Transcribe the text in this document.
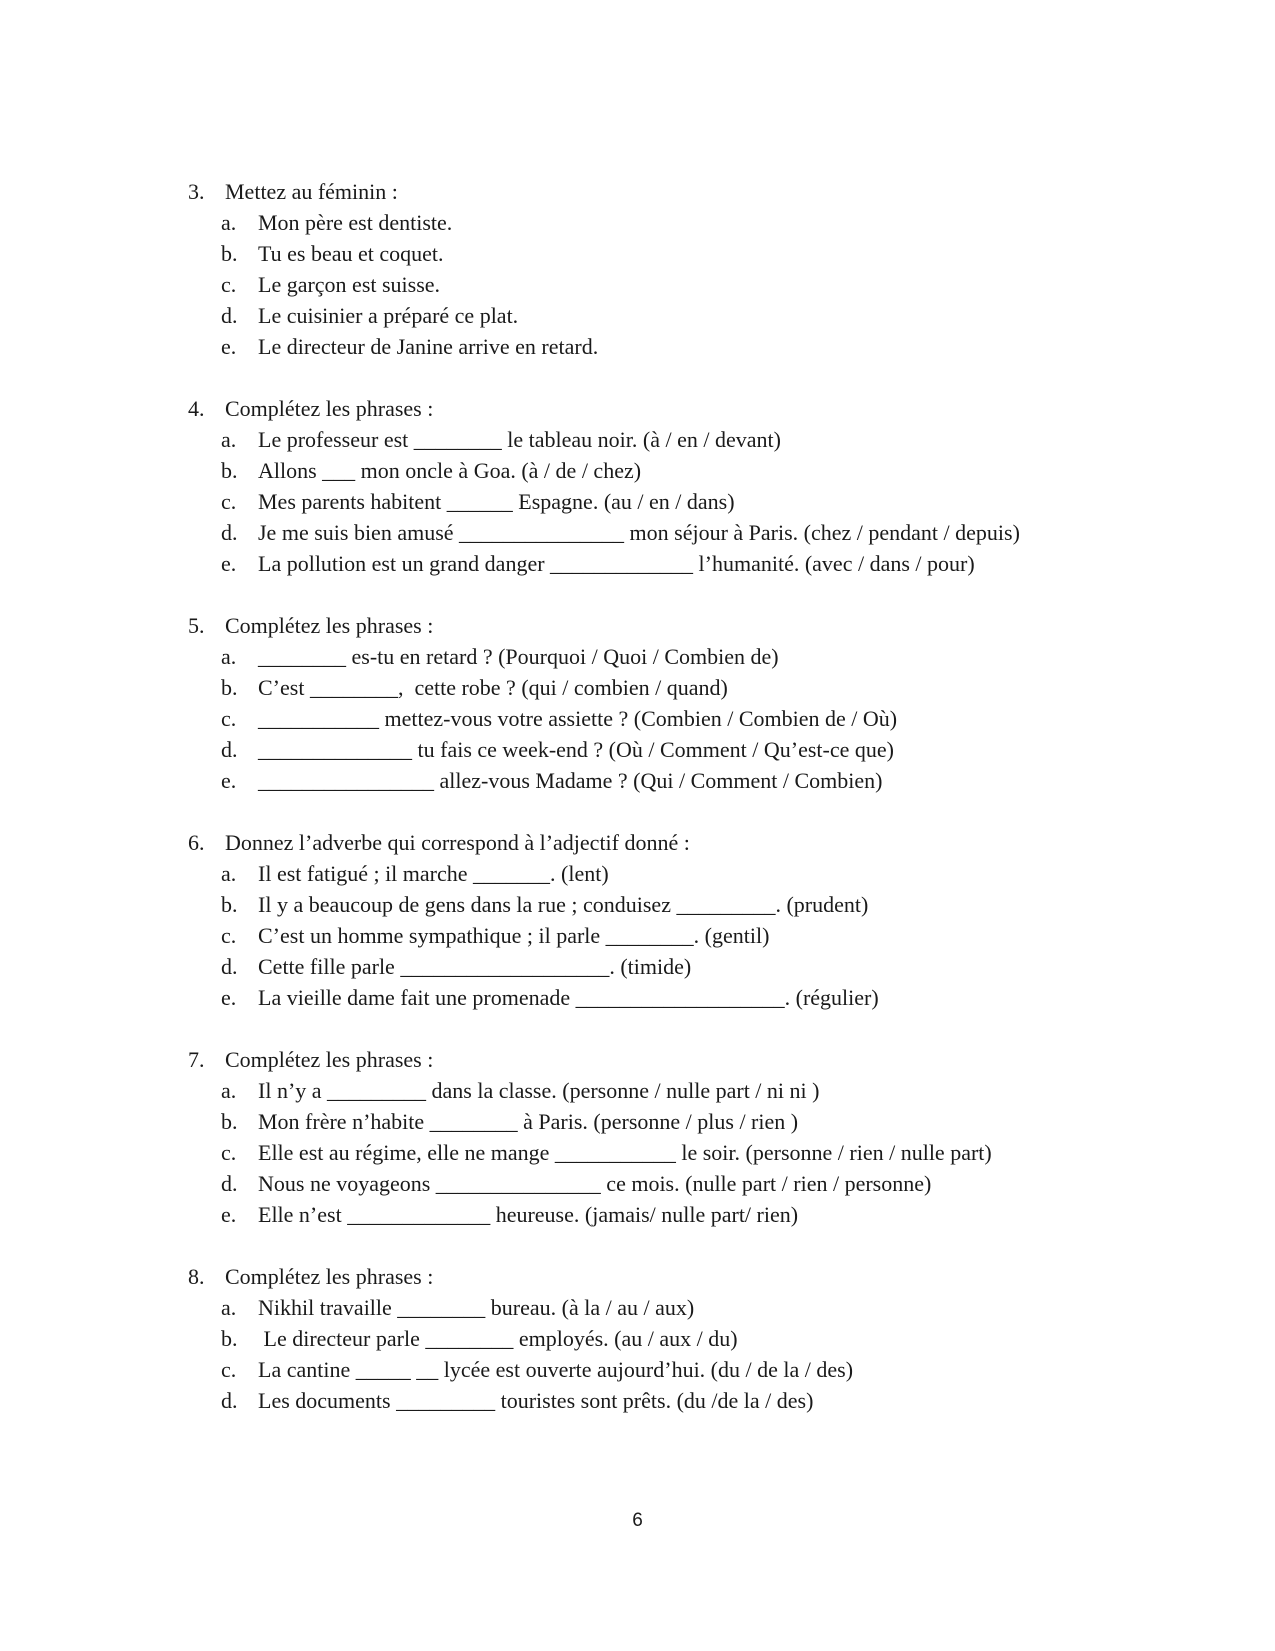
3. Mettez au féminin :
a. Mon père est dentiste.
b. Tu es beau et coquet.
c. Le garçon est suisse.
d. Le cuisinier a préparé ce plat.
e. Le directeur de Janine arrive en retard.
4. Complétez les phrases :
a. Le professeur est ________ le tableau noir. (à / en / devant)
b. Allons ___ mon oncle à Goa. (à / de / chez)
c. Mes parents habitent ______ Espagne. (au / en / dans)
d. Je me suis bien amusé _______________ mon séjour à Paris. (chez / pendant / depuis)
e. La pollution est un grand danger _____________ l’humanité. (avec / dans / pour)
5. Complétez les phrases :
a. ________ es-tu en retard ? (Pourquoi / Quoi / Combien de)
b. C’est ________,  cette robe ? (qui / combien / quand)
c. ___________ mettez-vous votre assiette ? (Combien / Combien de / Où)
d. ______________ tu fais ce week-end ? (Où / Comment / Qu’est-ce que)
e. ________________ allez-vous Madame ? (Qui / Comment / Combien)
6. Donnez l’adverbe qui correspond à l’adjectif donné :
a. Il est fatigué ; il marche _______. (lent)
b. Il y a beaucoup de gens dans la rue ; conduisez _________. (prudent)
c. C’est un homme sympathique ; il parle ________. (gentil)
d. Cette fille parle ___________________. (timide)
e. La vieille dame fait une promenade ___________________. (régulier)
7. Complétez les phrases :
a. Il n’y a _________ dans la classe. (personne / nulle part / ni ni )
b. Mon frère n’habite ________ à Paris. (personne / plus / rien )
c. Elle est au régime, elle ne mange ___________ le soir. (personne / rien / nulle part)
d. Nous ne voyageons _______________ ce mois. (nulle part / rien / personne)
e. Elle n’est _____________ heureuse. (jamais/ nulle part/ rien)
8. Complétez les phrases :
a. Nikhil travaille ________ bureau. (à la / au / aux)
b. Le directeur parle ________ employés. (au / aux / du)
c. La cantine _____ __ lycée est ouverte aujourd’hui. (du / de la / des)
d. Les documents _________ touristes sont prêts. (du /de la / des)
6
